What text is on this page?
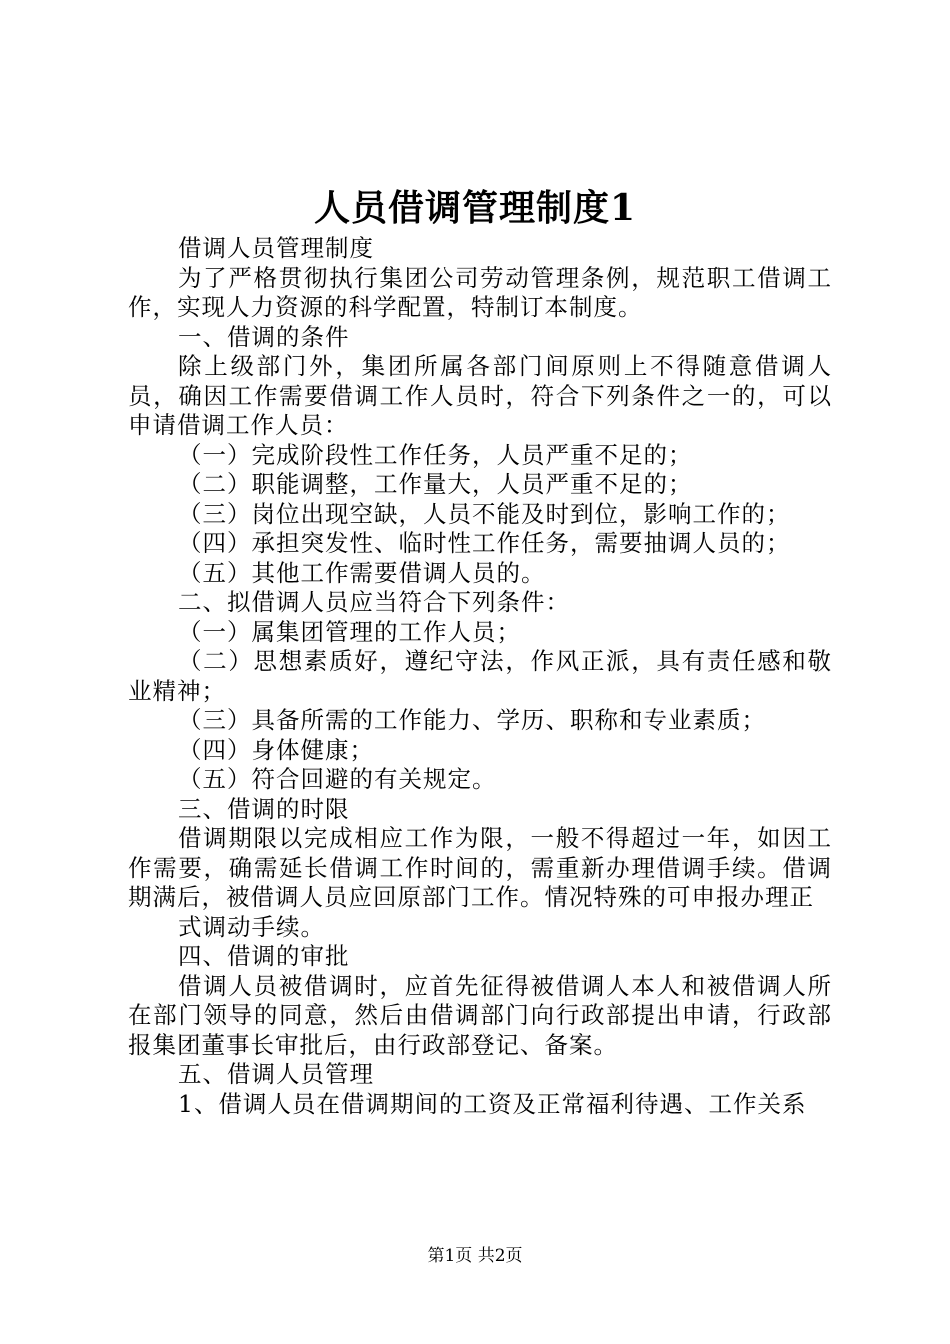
人员借调管理制度1

借调人员管理制度

为了严格贯彻执行集团公司劳动管理条例，规范职工借调工作，实现人力资源的科学配置，特制订本制度。

一、借调的条件

除上级部门外，集团所属各部门间原则上不得随意借调人员，确因工作需要借调工作人员时，符合下列条件之一的，可以申请借调工作人员：

（一）完成阶段性工作任务，人员严重不足的；

（二）职能调整，工作量大，人员严重不足的；

（三）岗位出现空缺，人员不能及时到位，影响工作的；

（四）承担突发性、临时性工作任务，需要抽调人员的；

（五）其他工作需要借调人员的。

二、拟借调人员应当符合下列条件：

（一）属集团管理的工作人员；

（二）思想素质好，遵纪守法，作风正派，具有责任感和敬业精神；

（三）具备所需的工作能力、学历、职称和专业素质；

（四）身体健康；

（五）符合回避的有关规定。

三、借调的时限

借调期限以完成相应工作为限，一般不得超过一年，如因工作需要，确需延长借调工作时间的，需重新办理借调手续。借调期满后，被借调人员应回原部门工作。情况特殊的可申报办理正

式调动手续。

四、借调的审批

借调人员被借调时，应首先征得被借调人本人和被借调人所在部门领导的同意，然后由借调部门向行政部提出申请，行政部报集团董事长审批后，由行政部登记、备案。

五、借调人员管理

1、借调人员在借调期间的工资及正常福利待遇、工作关系

第1页 共2页
